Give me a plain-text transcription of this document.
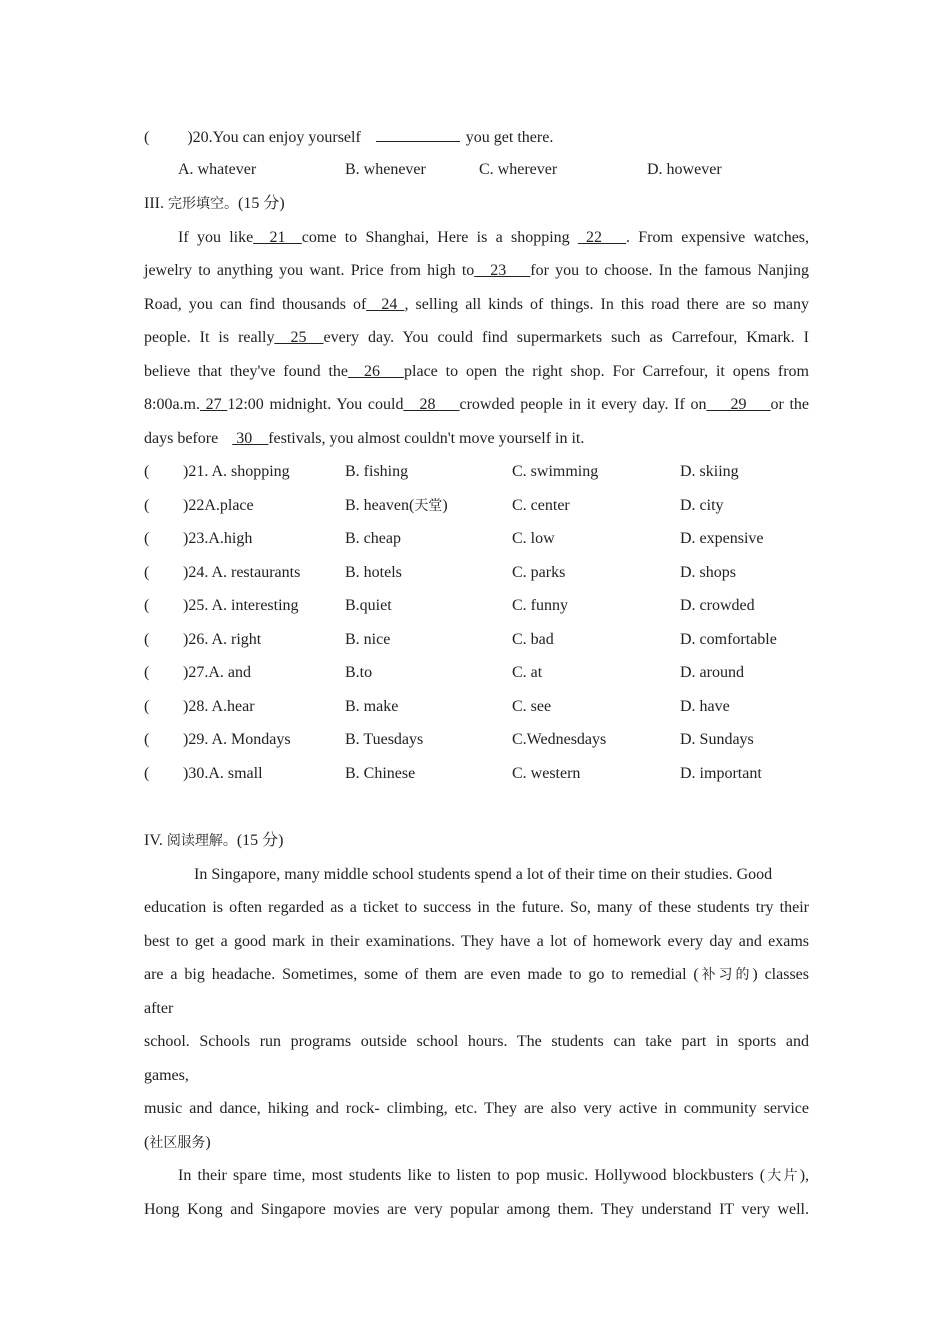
( )20.You can enjoy yourself	you get there.
A. whatever	B. whenever	C. wherever	D. however
III. 完形填空。(15 分)
If you like_ 21_ come to Shanghai, Here is a shopping _22___. From expensive watches,
jewelry to anything you want. Price from high to__23___for you to choose. In the famous Nanjing
Road, you can find thousands of_ 24 , selling all kinds of things. In this road there are so many
people. It is really__25_ every day. You could find supermarkets such as Carrefour, Kmark. I
believe that they've found the__26___place to open the right shop. For Carrefour, it opens from
8:00a.m. 27 12:00 midnight. You could__28___crowded people in it every day. If on___29___or the
days before  30__festivals, you almost couldn't move yourself in it.
( )21. A. shopping	B. fishing	C. swimming	D. skiing
( )22A.place	B. heaven(天堂)	C. center	D. city
( )23.A.high	B. cheap	C. low	D. expensive
( )24. A. restaurants	B. hotels	C. parks	D. shops
( )25. A. interesting	B.quiet	C. funny	D. crowded
( )26. A. right	B. nice	C. bad	D. comfortable
( )27.A. and	B.to	C. at	D. around
( )28. A.hear	B. make	C. see	D. have
( )29. A. Mondays	B. Tuesdays	C.Wednesdays	D. Sundays
( )30.A. small	B. Chinese	C. western	D. important
IV. 阅读理解。(15 分)
In Singapore, many middle school students spend a lot of their time on their studies. Good
education is often regarded as a ticket to success in the future. So, many of these students try their
best to get a good mark in their examinations. They have a lot of homework every day and exams
are a big headache. Sometimes, some of them are even made to go to remedial (补习的) classes
after
school. Schools run programs outside school hours. The students can take part in sports and
games,
music and dance, hiking and rock- climbing, etc. They are also very active in community service
(社区服务)
In their spare time, most students like to listen to pop music. Hollywood blockbusters (大片),
Hong Kong and Singapore movies are very popular among them. They understand IT very well.
